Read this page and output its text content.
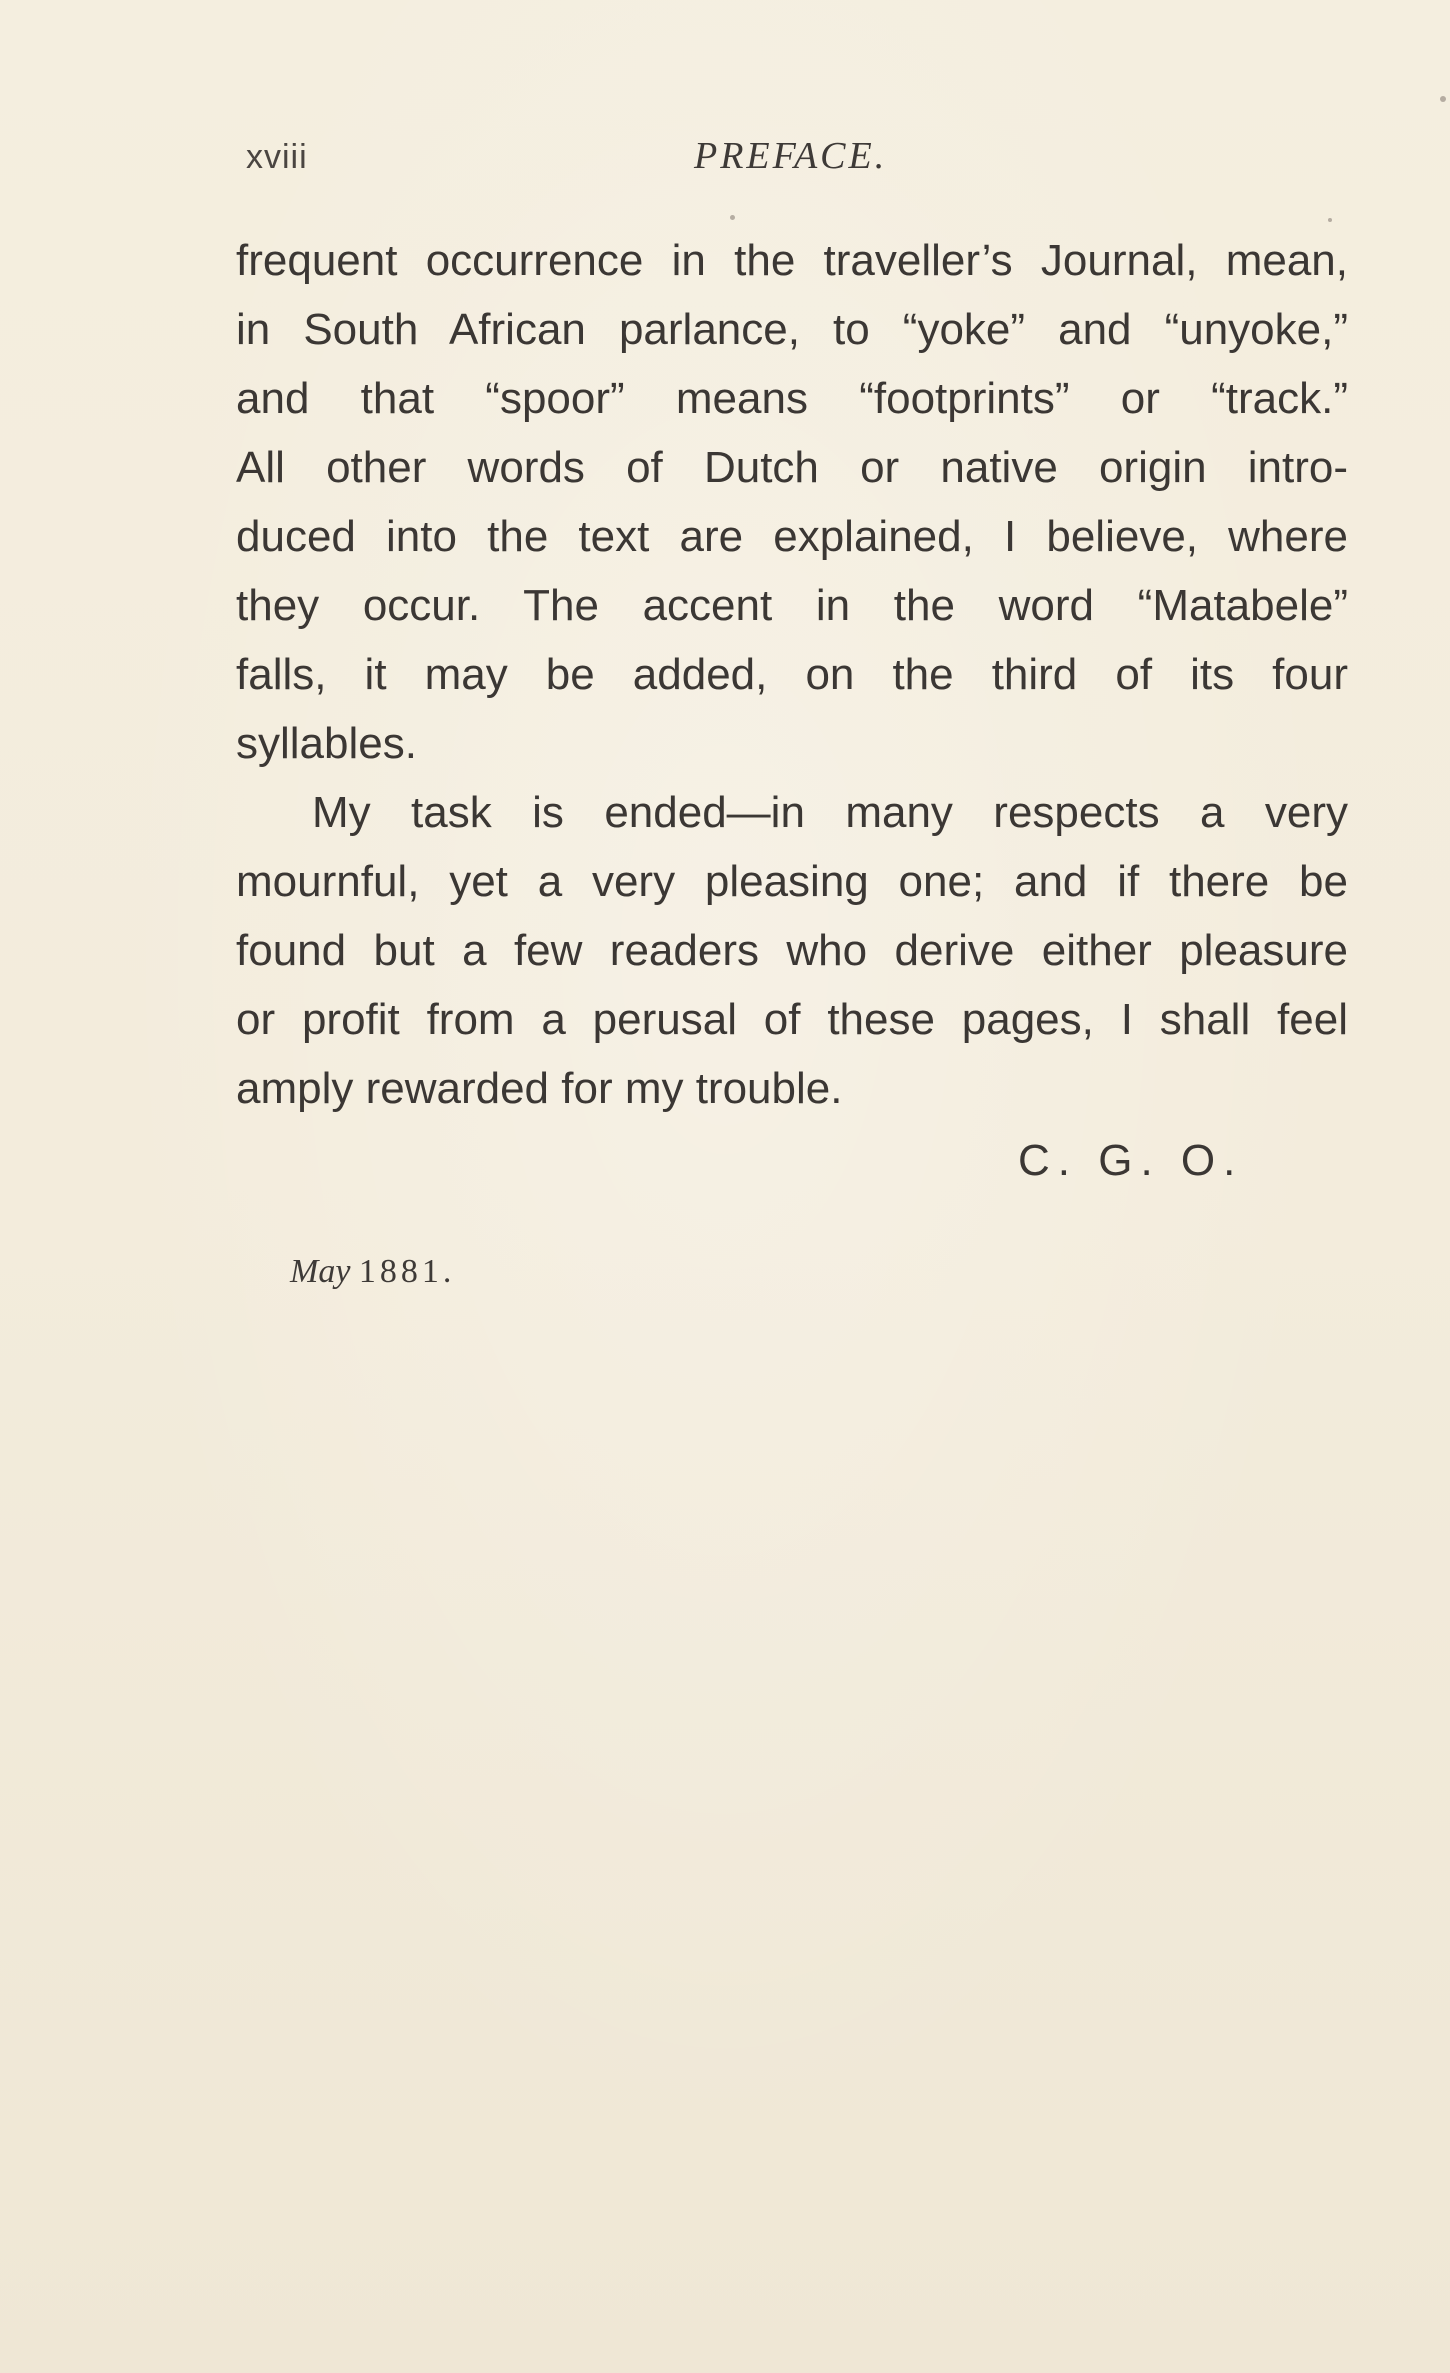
xviii	PREFACE.
frequent occurrence in the traveller’s Journal, mean,
in South African parlance, to “yoke” and “unyoke,”
and that “spoor” means “footprints” or “track.”
All other words of Dutch or native origin intro-
duced into the text are explained, I believe, where
they occur. The accent in the word “Matabele”
falls, it may be added, on the third of its four
syllables.
My task is ended—in many respects a very
mournful, yet a very pleasing one; and if there be
found but a few readers who derive either pleasure
or profit from a perusal of these pages, I shall feel
amply rewarded for my trouble.
C. G. O.
May 1881.
